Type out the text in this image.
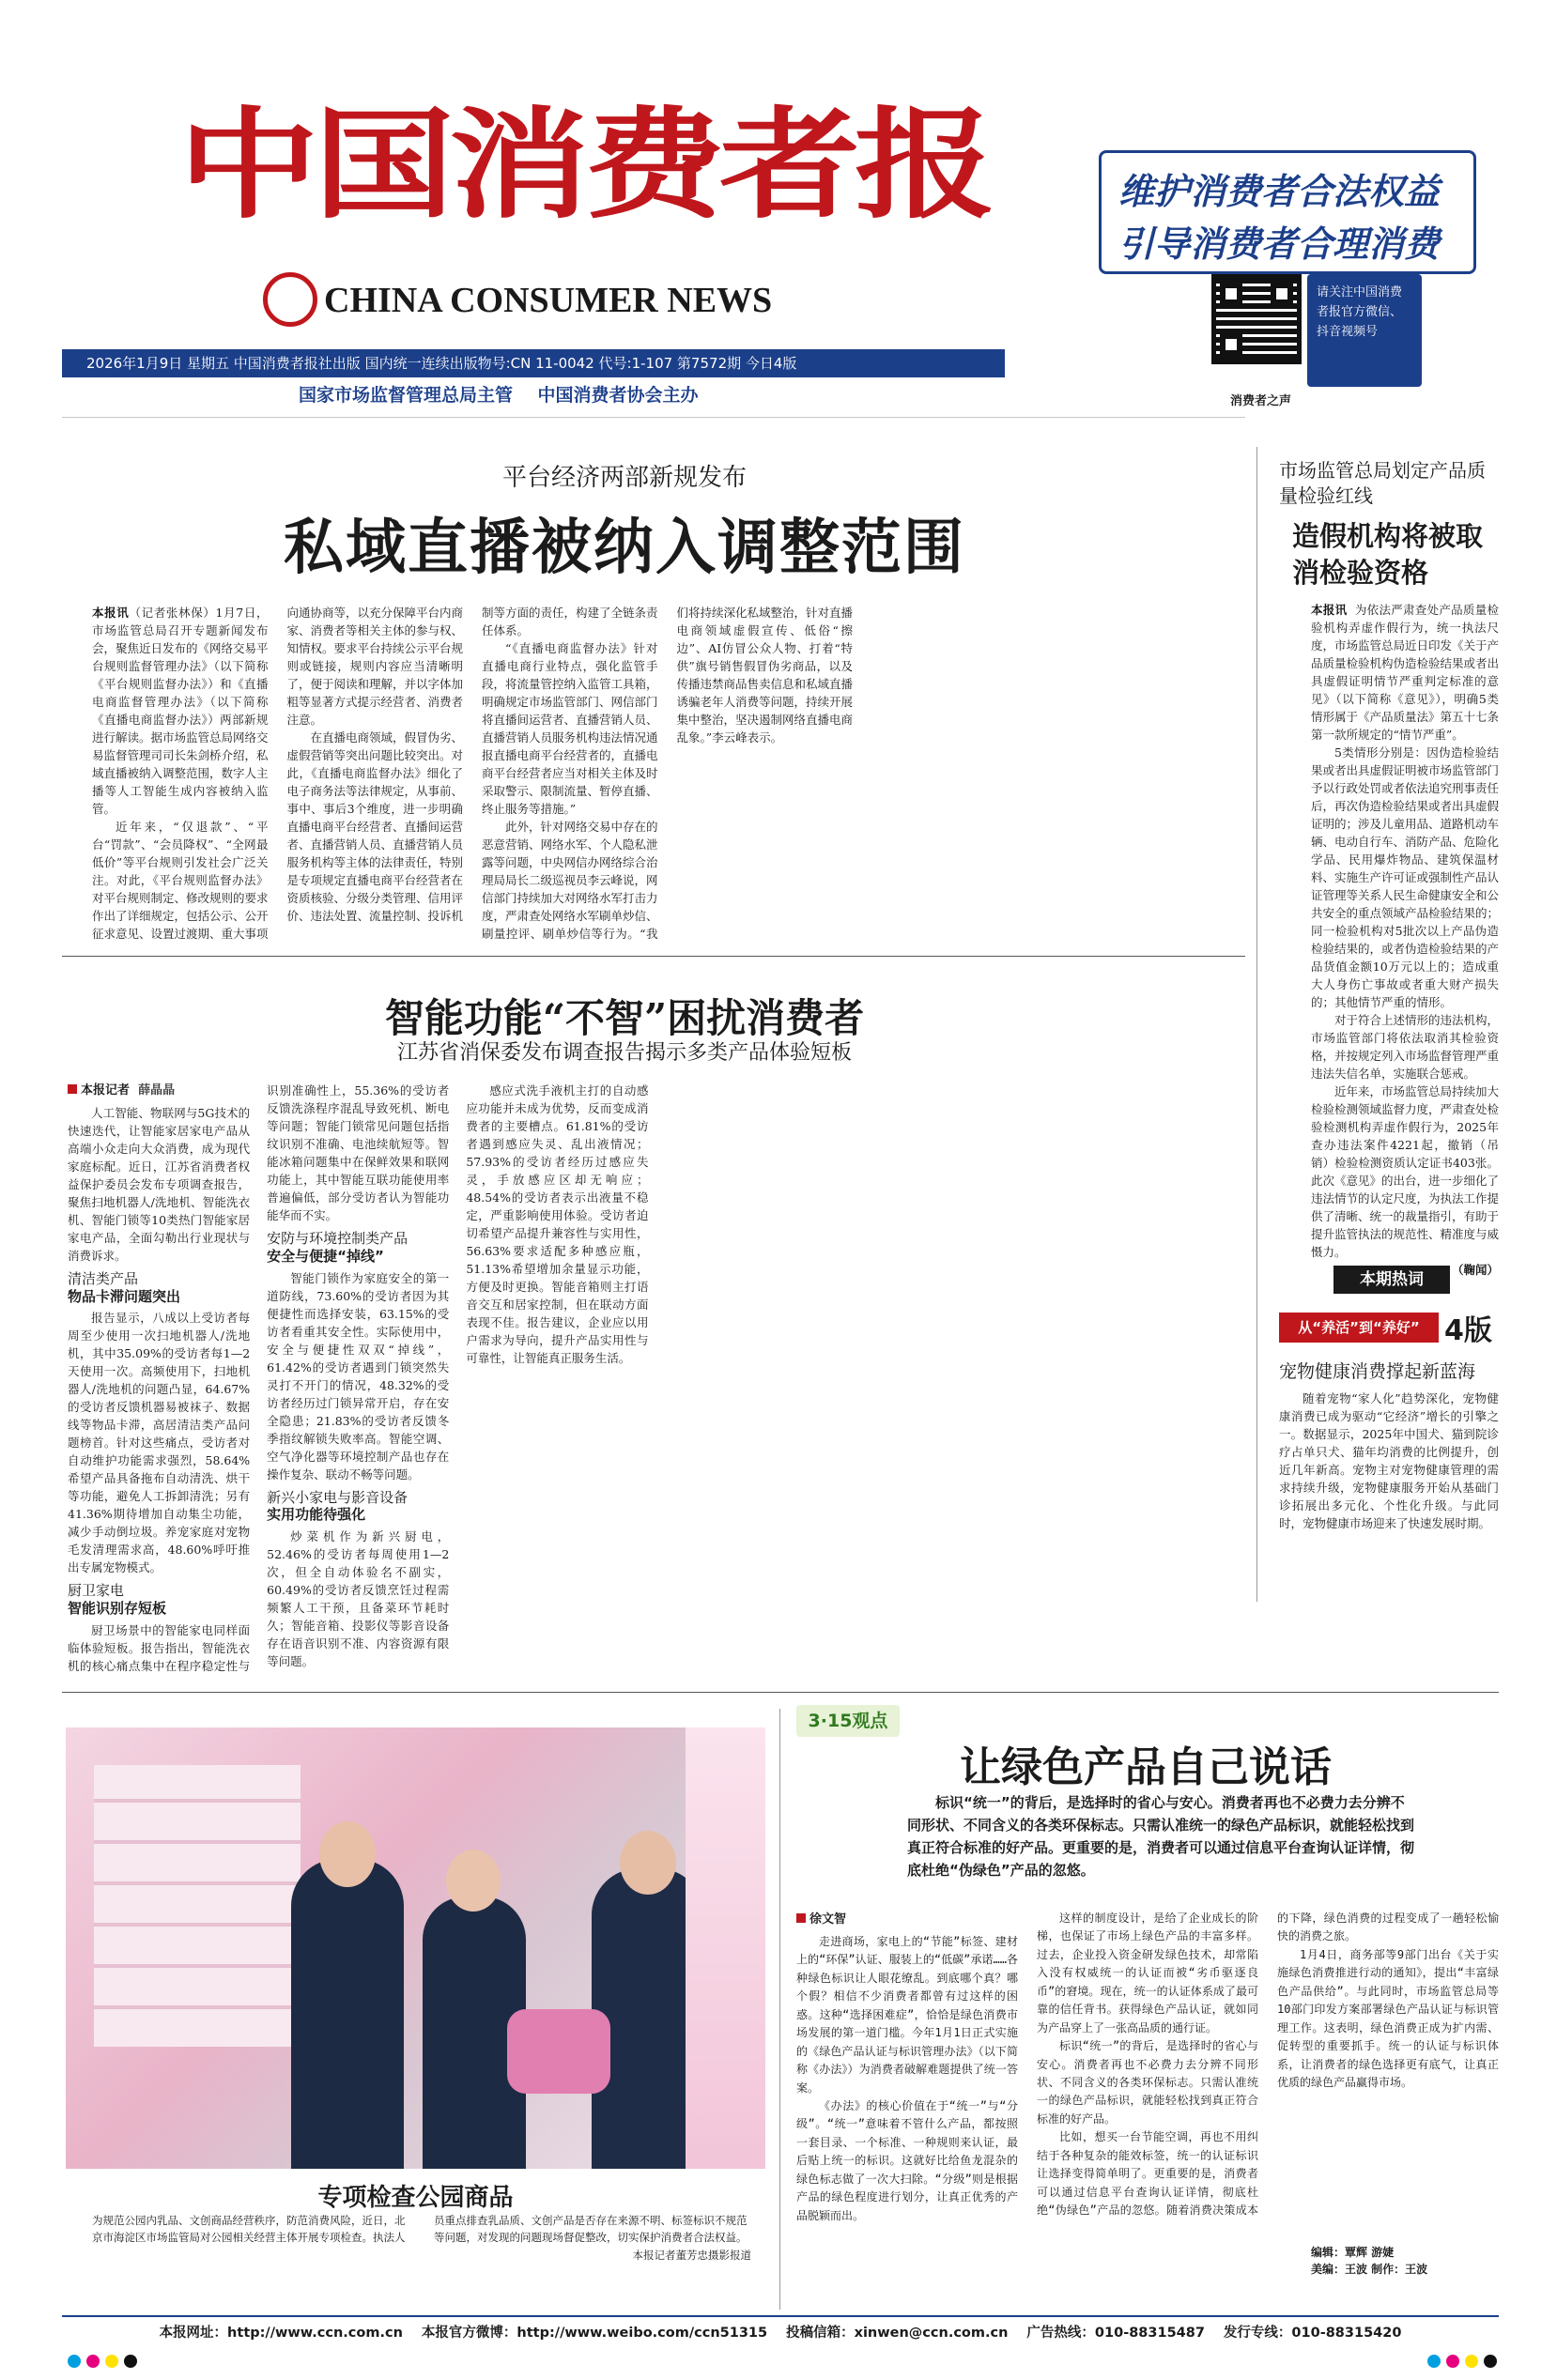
中国消费者报
CHINA CONSUMER NEWS
维护消费者合法权益
引导消费者合理消费
请关注中国消费者报官方微信、抖音视频号
消费者之声
2026年1月9日 星期五 中国消费者报社出版 国内统一连续出版物号:CN 11-0042 代号:1-107 第7572期 今日4版
国家市场监督管理总局主管    中国消费者协会主办
平台经济两部新规发布
私域直播被纳入调整范围

本报讯（记者张林保）1月7日，市场监管总局召开专题新闻发布会，聚焦近日发布的《网络交易平台规则监督管理办法》（以下简称《平台规则监督办法》）和《直播电商监督管理办法》（以下简称《直播电商监督办法》）两部新规进行解读。据市场监管总局网络交易监督管理司司长朱剑桥介绍，私域直播被纳入调整范围，数字人主播等人工智能生成内容被纳入监管。

近年来，“仅退款”、“平台“罚款”、“会员降权”、“全网最低价”等平台规则引发社会广泛关注。对此，《平台规则监督办法》对平台规则制定、修改规则的要求作出了详细规定，包括公示、公开征求意见、设置过渡期、重大事项向通协商等，以充分保障平台内商家、消费者等相关主体的参与权、知情权。要求平台持续公示平台规则或链接，规则内容应当清晰明了，便于阅读和理解，并以字体加粗等显著方式提示经营者、消费者注意。

在直播电商领域，假冒伪劣、虚假营销等突出问题比较突出。对此，《直播电商监督办法》细化了电子商务法等法律规定，从事前、事中、事后3个维度，进一步明确直播电商平台经营者、直播间运营者、直播营销人员、直播营销人员服务机构等主体的法律责任，特别是专项规定直播电商平台经营者在资质核验、分级分类管理、信用评价、违法处置、流量控制、投诉机制等方面的责任，构建了全链条责任体系。

“《直播电商监督办法》针对直播电商行业特点，强化监管手段，将流量管控纳入监管工具箱，明确规定市场监管部门、网信部门将直播间运营者、直播营销人员、直播营销人员服务机构违法情况通报直播电商平台经营者的，直播电商平台经营者应当对相关主体及时采取警示、限制流量、暂停直播、终止服务等措施。”

此外，针对网络交易中存在的恶意营销、网络水军、个人隐私泄露等问题，中央网信办网络综合治理局局长二级巡视员李云峰说，网信部门持续加大对网络水军打击力度，严肃查处网络水军刷单炒信、刷量控评、刷单炒信等行为。“我们将持续深化私域整治，针对直播电商领域虚假宣传、低俗“擦边”、AI仿冒公众人物、打着“特供”旗号销售假冒伪劣商品，以及传播违禁商品售卖信息和私域直播诱骗老年人消费等问题，持续开展集中整治，坚决遏制网络直播电商乱象。”李云峰表示。

市场监管总局划定产品质量检验红线
造假机构将被取消检验资格

本报讯 为依法严肃查处产品质量检验机构弄虚作假行为，统一执法尺度，市场监管总局近日印发《关于产品质量检验机构伪造检验结果或者出具虚假证明情节严重判定标准的意见》（以下简称《意见》），明确5类情形属于《产品质量法》第五十七条第一款所规定的“情节严重”。

5类情形分别是：因伪造检验结果或者出具虚假证明被市场监管部门予以行政处罚或者依法追究刑事责任后，再次伪造检验结果或者出具虚假证明的；涉及儿童用品、道路机动车辆、电动自行车、消防产品、危险化学品、民用爆炸物品、建筑保温材料、实施生产许可证或强制性产品认证管理等关系人民生命健康安全和公共安全的重点领域产品检验结果的；同一检验机构对5批次以上产品伪造检验结果的，或者伪造检验结果的产品货值金额10万元以上的；造成重大人身伤亡事故或者重大财产损失的；其他情节严重的情形。

对于符合上述情形的违法机构，市场监管部门将依法取消其检验资格，并按规定列入市场监督管理严重违法失信名单，实施联合惩戒。

近年来，市场监管总局持续加大检验检测领域监督力度，严肃查处检验检测机构弄虚作假行为，2025年查办违法案件4221起，撤销（吊销）检验检测资质认定证书403张。此次《意见》的出台，进一步细化了违法情节的认定尺度，为执法工作提供了清晰、统一的裁量指引，有助于提升监管执法的规范性、精准度与威慑力。

（鞠闻）

本期热词
从“养活”到“养好” 4版
宠物健康消费撑起新蓝海
随着宠物“家人化”趋势深化，宠物健康消费已成为驱动“它经济”增长的引擎之一。数据显示，2025年中国犬、猫到院诊疗占单只犬、猫年均消费的比例提升，创近几年新高。宠物主对宠物健康管理的需求持续升级，宠物健康服务开始从基础门诊拓展出多元化、个性化升级。与此同时，宠物健康市场迎来了快速发展时期。
智能功能“不智”困扰消费者
江苏省消保委发布调查报告揭示多类产品体验短板
本报记者 薛晶晶

人工智能、物联网与5G技术的快速迭代，让智能家居家电产品从高端小众走向大众消费，成为现代家庭标配。近日，江苏省消费者权益保护委员会发布专项调查报告，聚焦扫地机器人/洗地机、智能洗衣机、智能门锁等10类热门智能家居家电产品，全面勾勒出行业现状与消费诉求。

清洁类产品
物品卡滞问题突出

报告显示，八成以上受访者每周至少使用一次扫地机器人/洗地机，其中35.09%的受访者每1—2天使用一次。高频使用下，扫地机器人/洗地机的问题凸显，64.67%的受访者反馈机器易被袜子、数据线等物品卡滞，高居清洁类产品问题榜首。针对这些痛点，受访者对自动维护功能需求强烈，58.64%希望产品具备拖布自动清洗、烘干等功能，避免人工拆卸清洗；另有41.36%期待增加自动集尘功能，减少手动倒垃圾。养宠家庭对宠物毛发清理需求高，48.60%呼吁推出专属宠物模式。

厨卫家电
智能识别存短板

厨卫场景中的智能家电同样面临体验短板。报告指出，智能洗衣机的核心痛点集中在程序稳定性与识别准确性上，55.36%的受访者反馈洗涤程序混乱导致死机、断电等问题；智能门锁常见问题包括指纹识别不准确、电池续航短等。智能冰箱问题集中在保鲜效果和联网功能上，其中智能互联功能使用率普遍偏低，部分受访者认为智能功能华而不实。

安防与环境控制类产品
安全与便捷“掉线”

智能门锁作为家庭安全的第一道防线，73.60%的受访者因为其便捷性而选择安装，63.15%的受访者看重其安全性。实际使用中，安全与便捷性双双“掉线”，61.42%的受访者遇到门锁突然失灵打不开门的情况，48.32%的受访者经历过门锁异常开启，存在安全隐患；21.83%的受访者反馈冬季指纹解锁失败率高。智能空调、空气净化器等环境控制产品也存在操作复杂、联动不畅等问题。

新兴小家电与影音设备
实用功能待强化

炒菜机作为新兴厨电，52.46%的受访者每周使用1—2次，但全自动体验名不副实，60.49%的受访者反馈烹饪过程需频繁人工干预，且备菜环节耗时久；智能音箱、投影仪等影音设备存在语音识别不准、内容资源有限等问题。

感应式洗手液机主打的自动感应功能并未成为优势，反而变成消费者的主要槽点。61.81%的受访者遇到感应失灵、乱出液情况；57.93%的受访者经历过感应失灵，手放感应区却无响应；48.54%的受访者表示出液量不稳定，严重影响使用体验。受访者迫切希望产品提升兼容性与实用性，56.63%要求适配多种感应瓶，51.13%希望增加余量显示功能，方便及时更换。智能音箱则主打语音交互和居家控制，但在联动方面表现不佳。报告建议，企业应以用户需求为导向，提升产品实用性与可靠性，让智能真正服务生活。

专项检查公园商品
为规范公园内乳品、文创商品经营秩序，防范消费风险，近日，北京市海淀区市场监管局对公园相关经营主体开展专项检查。执法人员重点排查乳品质、文创产品是否存在来源不明、标签标识不规范等问题，对发现的问题现场督促整改，切实保护消费者合法权益。
本报记者董芳忠摄影报道
3·15观点
让绿色产品自己说话
标识“统一”的背后，是选择时的省心与安心。消费者再也不必费力去分辨不同形状、不同含义的各类环保标志。只需认准统一的绿色产品标识，就能轻松找到真正符合标准的好产品。更重要的是，消费者可以通过信息平台查询认证详情，彻底杜绝“伪绿色”产品的忽悠。
徐文智

走进商场，家电上的“节能”标签、建材上的“环保”认证、服装上的“低碳”承诺……各种绿色标识让人眼花缭乱。到底哪个真？哪个假？相信不少消费者都曾有过这样的困惑。这种“选择困难症”，恰恰是绿色消费市场发展的第一道门槛。今年1月1日正式实施的《绿色产品认证与标识管理办法》（以下简称《办法》）为消费者破解难题提供了统一答案。

《办法》的核心价值在于“统一”与“分级”。“统一”意味着不管什么产品，都按照一套目录、一个标准、一种规则来认证，最后贴上统一的标识。这就好比给鱼龙混杂的绿色标志做了一次大扫除。“分级”则是根据产品的绿色程度进行划分，让真正优秀的产品脱颖而出。

这样的制度设计，是给了企业成长的阶梯，也保证了市场上绿色产品的丰富多样。过去，企业投入资金研发绿色技术，却常陷入没有权威统一的认证而被“劣币驱逐良币”的窘境。现在，统一的认证体系成了最可靠的信任背书。获得绿色产品认证，就如同为产品穿上了一张高品质的通行证。

标识“统一”的背后，是选择时的省心与安心。消费者再也不必费力去分辨不同形状、不同含义的各类环保标志。只需认准统一的绿色产品标识，就能轻松找到真正符合标准的好产品。

比如，想买一台节能空调，再也不用纠结于各种复杂的能效标签，统一的认证标识让选择变得简单明了。更重要的是，消费者可以通过信息平台查询认证详情，彻底杜绝“伪绿色”产品的忽悠。随着消费决策成本的下降，绿色消费的过程变成了一趟轻松愉快的消费之旅。

1月4日，商务部等9部门出台《关于实施绿色消费推进行动的通知》，提出“丰富绿色产品供给”。与此同时，市场监管总局等10部门印发方案部署绿色产品认证与标识管理工作。这表明，绿色消费正成为扩内需、促转型的重要抓手。统一的认证与标识体系，让消费者的绿色选择更有底气，让真正优质的绿色产品赢得市场。

编辑：覃辉 游婕
美编：王波 制作：王波
本报网址：http://www.ccn.com.cn 本报官方微博：http://www.weibo.com/ccn51315 投稿信箱：xinwen@ccn.com.cn 广告热线：010-88315487 发行专线：010-88315420
